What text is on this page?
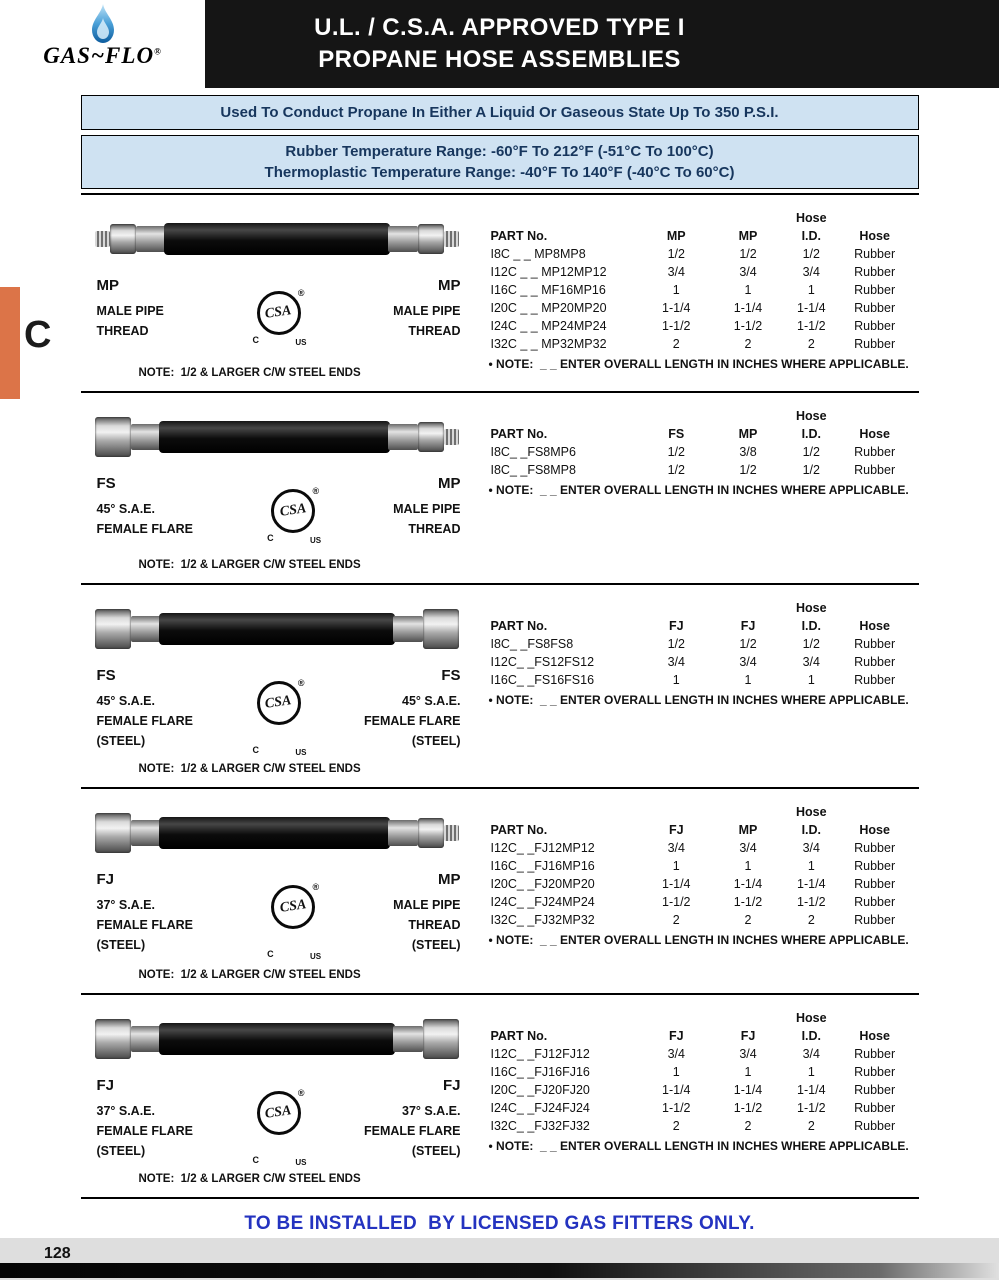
GAS~FLO®
U.L. / C.S.A. APPROVED TYPE I
PROPANE HOSE ASSEMBLIES
Used To Conduct Propane In Either A Liquid Or Gaseous State Up To 350 P.S.I.
Rubber Temperature Range: -60°F To 212°F (-51°C To 100°C)
Thermoplastic Temperature Range: -40°F To 140°F (-40°C To 60°C)
MP
MALE PIPE
THREAD
®
CSA
C	US
MP
MALE PIPE
THREAD
NOTE:  1/2 & LARGER C/W STEEL ENDS
			Hose	
PART No.	MP	MP	I.D.	Hose
I8C _ _ MP8MP8	1/2	1/2	1/2	Rubber
I12C _ _ MP12MP12	3/4	3/4	3/4	Rubber
I16C _ _ MF16MP16	1	1	1	Rubber
I20C _ _ MP20MP20	1-1/4	1-1/4	1-1/4	Rubber
I24C _ _ MP24MP24	1-1/2	1-1/2	1-1/2	Rubber
I32C _ _ MP32MP32	2	2	2	Rubber
• NOTE:  _ _ ENTER OVERALL LENGTH IN INCHES WHERE APPLICABLE.
FS
45° S.A.E.
FEMALE FLARE
®
CSA
C	US
MP
MALE PIPE
THREAD
NOTE:  1/2 & LARGER C/W STEEL ENDS
			Hose	
PART No.	FS	MP	I.D.	Hose
I8C_ _FS8MP6	1/2	3/8	1/2	Rubber
I8C_ _FS8MP8	1/2	1/2	1/2	Rubber
• NOTE:  _ _ ENTER OVERALL LENGTH IN INCHES WHERE APPLICABLE.
FS
45° S.A.E.
FEMALE FLARE
(STEEL)
®
CSA
C	US
FS
45° S.A.E.
FEMALE FLARE
(STEEL)
NOTE:  1/2 & LARGER C/W STEEL ENDS
			Hose	
PART No.	FJ	FJ	I.D.	Hose
I8C_ _FS8FS8	1/2	1/2	1/2	Rubber
I12C_ _FS12FS12	3/4	3/4	3/4	Rubber
I16C_ _FS16FS16	1	1	1	Rubber
• NOTE:  _ _ ENTER OVERALL LENGTH IN INCHES WHERE APPLICABLE.
FJ
37° S.A.E.
FEMALE FLARE
(STEEL)
®
CSA
C	US
MP
MALE PIPE
THREAD
(STEEL)
NOTE:  1/2 & LARGER C/W STEEL ENDS
			Hose	
PART No.	FJ	MP	I.D.	Hose
I12C_ _FJ12MP12	3/4	3/4	3/4	Rubber
I16C_ _FJ16MP16	1	1	1	Rubber
I20C_ _FJ20MP20	1-1/4	1-1/4	1-1/4	Rubber
I24C_ _FJ24MP24	1-1/2	1-1/2	1-1/2	Rubber
I32C_ _FJ32MP32	2	2	2	Rubber
• NOTE:  _ _ ENTER OVERALL LENGTH IN INCHES WHERE APPLICABLE.
FJ
37° S.A.E.
FEMALE FLARE
(STEEL)
®
CSA
C	US
FJ
37° S.A.E.
FEMALE FLARE
(STEEL)
NOTE:  1/2 & LARGER C/W STEEL ENDS
			Hose	
PART No.	FJ	FJ	I.D.	Hose
I12C_ _FJ12FJ12	3/4	3/4	3/4	Rubber
I16C_ _FJ16FJ16	1	1	1	Rubber
I20C_ _FJ20FJ20	1-1/4	1-1/4	1-1/4	Rubber
I24C_ _FJ24FJ24	1-1/2	1-1/2	1-1/2	Rubber
I32C_ _FJ32FJ32	2	2	2	Rubber
• NOTE:  _ _ ENTER OVERALL LENGTH IN INCHES WHERE APPLICABLE.
TO BE INSTALLED  BY LICENSED GAS FITTERS ONLY.
C
128
